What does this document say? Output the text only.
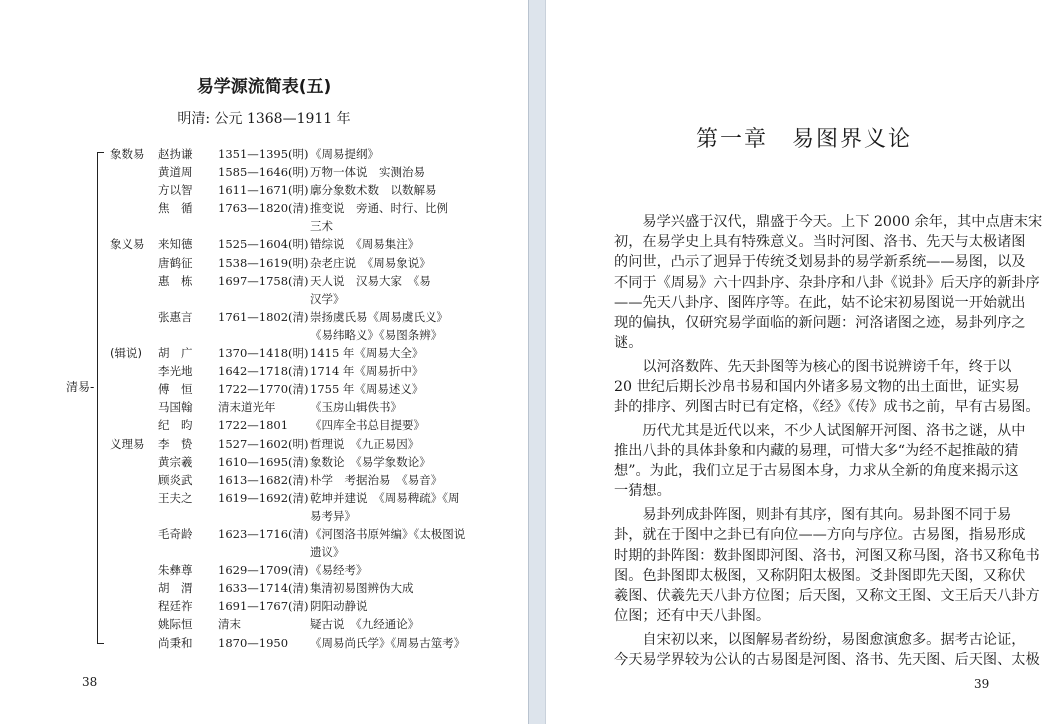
易学源流简表(五)
明清: 公元 1368—1911 年
清易-
象数易 赵㧑谦 1351—1395(明) 《周易提纲》
黄道周 1585—1646(明) 万物一体说　实测治易
方以智 1611—1671(明) 廓分象数术数　以数解易
焦　循 1763—1820(清) 推变说　旁通、时行、比例
三术
象义易 来知德 1525—1604(明) 错综说　《周易集注》
唐鹤征 1538—1619(明) 杂老庄说　《周易象说》
惠　栋 1697—1758(清) 天人说　汉易大家　《易
汉学》
张惠言 1761—1802(清) 崇扬虞氏易《周易虞氏义》
《易纬略义》《易图条辨》
(辑说) 胡　广 1370—1418(明) 1415 年《周易大全》
李光地 1642—1718(清) 1714 年《周易折中》
傅　恒 1722—1770(清) 1755 年《周易述义》
马国翰 清末道光年	《玉房山辑佚书》
纪　昀 1722—1801 《四库全书总目提要》
义理易 李　贽 1527—1602(明) 哲理说　《九正易因》
黄宗羲 1610—1695(清) 象数论　《易学象数论》
顾炎武 1613—1682(清) 朴学　考据治易　《易音》
王夫之 1619—1692(清) 乾坤并建说　《周易稗疏》《周
易考异》
毛奇龄 1623—1716(清) 《河图洛书原舛编》《太极图说
遗议》
朱彝尊 1629—1709(清) 《易经考》
胡　渭 1633—1714(清) 集清初易图辨伪大成
程廷祚 1691—1767(清) 阴阳动静说
姚际恒 清末	疑古说　《九经通论》
尚秉和 1870—1950 《周易尚氏学》《周易古筮考》
38
第一章　易图界义论
　　易学兴盛于汉代，鼎盛于今天。上下 2000 余年，其中点唐末宋
初，在易学史上具有特殊意义。当时河图、洛书、先天与太极诸图
的问世，凸示了迥异于传统爻划易卦的易学新系统——易图，以及
不同于《周易》六十四卦序、杂卦序和八卦《说卦》后天序的新卦序
——先天八卦序、图阵序等。在此，姑不论宋初易图说一开始就出
现的偏执，仅研究易学面临的新问题：河洛诸图之迹，易卦列序之
谜。
　　以河洛数阵、先天卦图等为核心的图书说辨谤千年，终于以
20 世纪后期长沙帛书易和国内外诸多易文物的出土面世，证实易
卦的排序、列图古时已有定格，《经》《传》成书之前，早有古易图。
　　历代尤其是近代以来，不少人试图解开河图、洛书之谜，从中
推出八卦的具体卦象和内藏的易理，可惜大多“为经不起推敲的猜
想”。为此，我们立足于古易图本身，力求从全新的角度来揭示这
一猜想。
　　易卦列成卦阵图，则卦有其序，图有其向。易卦图不同于易
卦，就在于图中之卦已有向位——方向与序位。古易图，指易形成
时期的卦阵图：数卦图即河图、洛书，河图又称马图，洛书又称龟书
图。色卦图即太极图，又称阴阳太极图。爻卦图即先天图，又称伏
羲图、伏羲先天八卦方位图；后天图，又称文王图、文王后天八卦方
位图；还有中天八卦图。
　　自宋初以来，以图解易者纷纷，易图愈演愈多。据考古论证，
今天易学界较为公认的古易图是河图、洛书、先天图、后天图、太极
39
